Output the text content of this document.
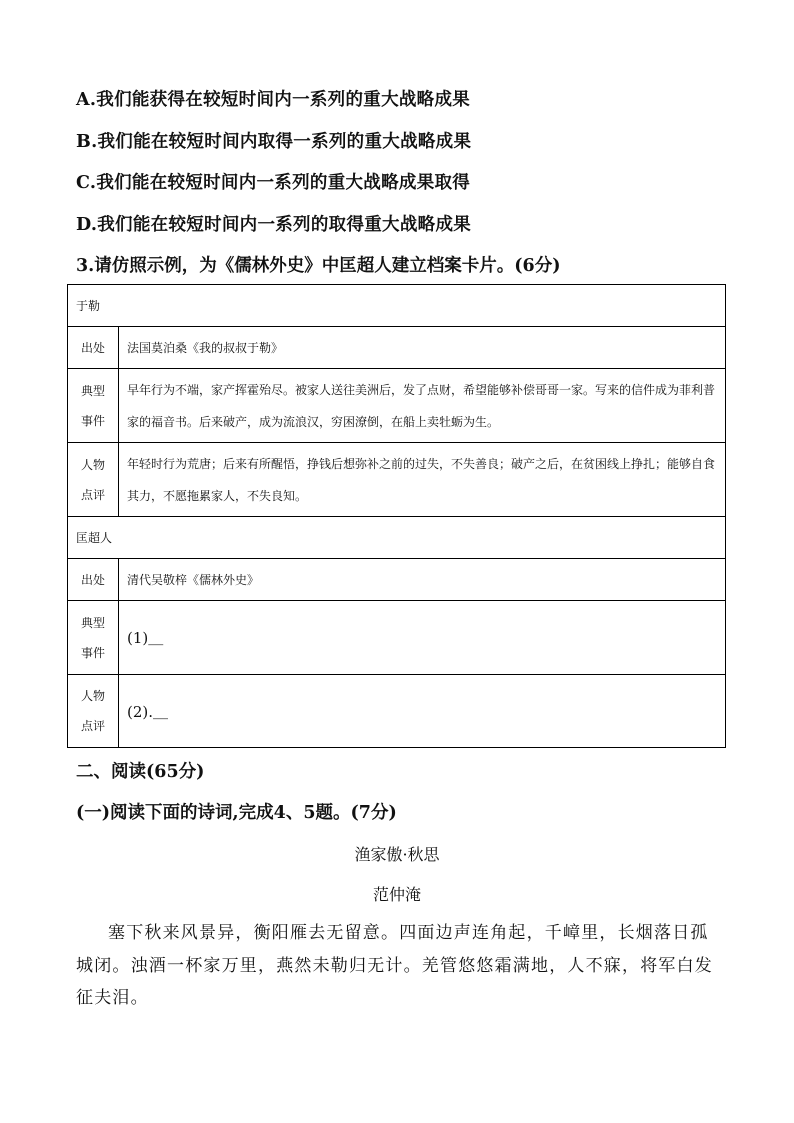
A.我们能获得在较短时间内一系列的重大战略成果
B.我们能在较短时间内取得一系列的重大战略成果
C.我们能在较短时间内一系列的重大战略成果取得
D.我们能在较短时间内一系列的取得重大战略成果
3.请仿照示例，为《儒林外史》中匡超人建立档案卡片。(6分)
于勒	
出处	法国莫泊桑《我的叔叔于勒》
典型
事件	早年行为不端，家产挥霍殆尽。被家人送往美洲后，发了点财，希望能够补偿哥哥一家。写来的信件成为菲利普家的福音书。后来破产，成为流浪汉，穷困潦倒，在船上卖牡蛎为生。
人物
点评	年轻时行为荒唐；后来有所醒悟，挣钱后想弥补之前的过失，不失善良；破产之后，在贫困线上挣扎；能够自食其力，不愿拖累家人，不失良知。
匡超人	
出处	清代吴敬梓《儒林外史》
典型
事件	(1)＿
人物
点评	(2).＿
二、阅读(65分)
(一)阅读下面的诗词,完成4、5题。(7分)
渔家傲·秋思
范仲淹
塞下秋来风景异，衡阳雁去无留意。四面边声连角起，千嶂里，长烟落日孤城闭。浊酒一杯家万里，燕然未勒归无计。羌管悠悠霜满地，人不寐，将军白发征夫泪。
